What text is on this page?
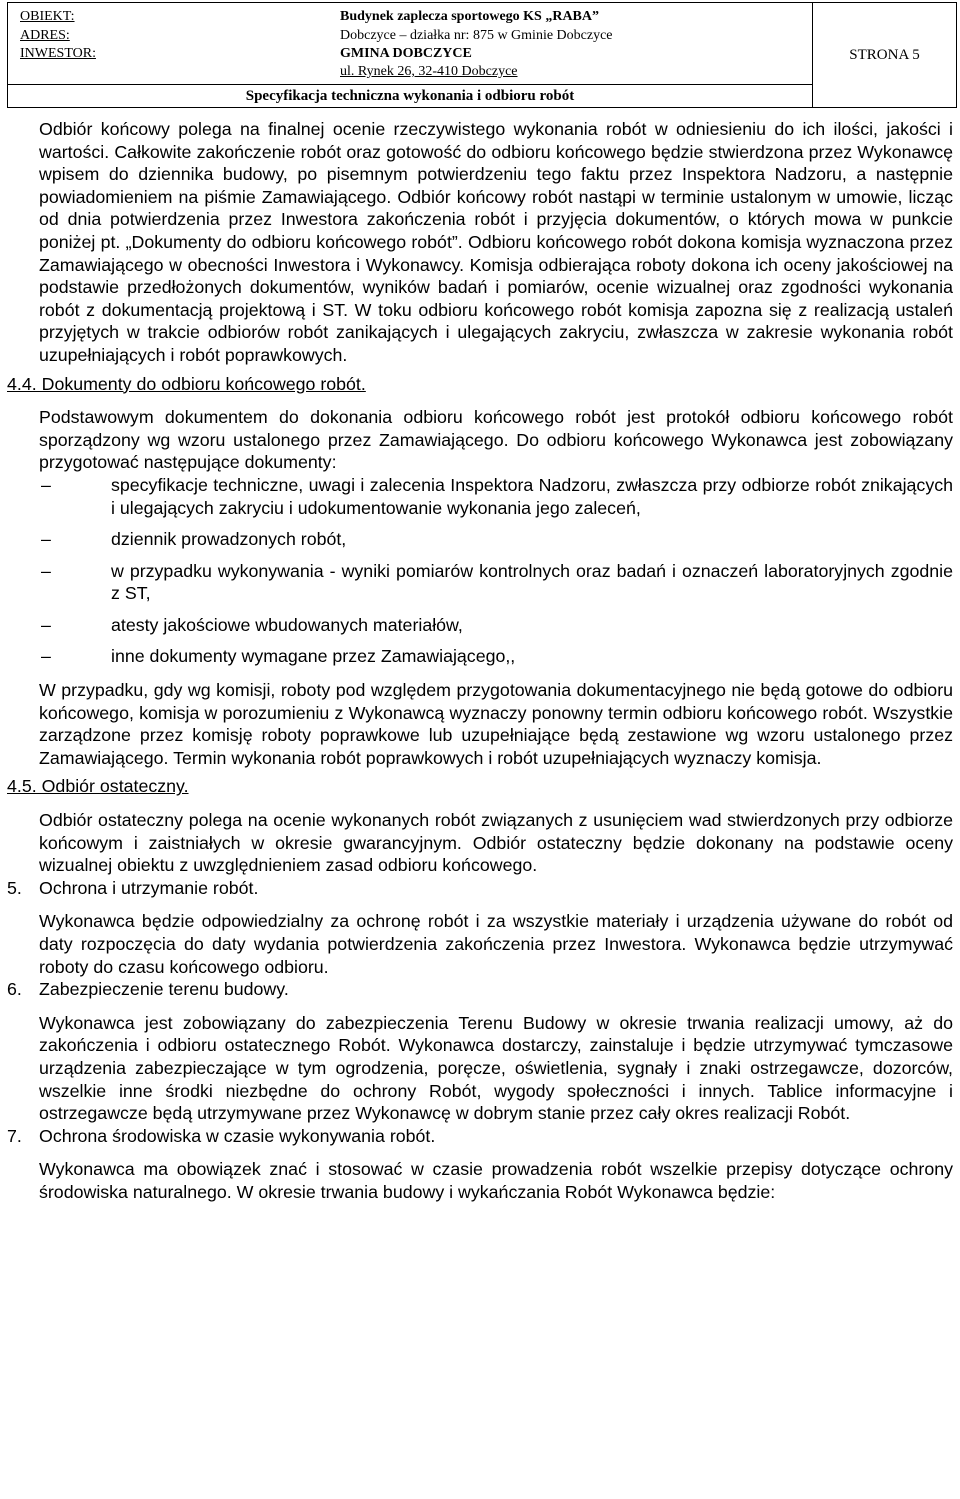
OBIEKT:	Budynek zaplecza sportowego KS „RABA”
ADRES:	Dobczyce – działka nr: 875 w Gminie Dobczyce
INWESTOR:	GMINA DOBCZYCE
ul. Rynek 26, 32-410 Dobczyce
Specyfikacja techniczna wykonania i odbioru robót
STRONA 5

Odbiór końcowy polega na finalnej ocenie rzeczywistego wykonania robót w odniesieniu do ich ilości, jakości i wartości. Całkowite zakończenie robót oraz gotowość do odbioru końcowego będzie stwierdzona przez Wykonawcę wpisem do dziennika budowy, po pisemnym potwierdzeniu tego faktu przez Inspektora Nadzoru, a następnie powiadomieniem na piśmie Zamawiającego. Odbiór końcowy robót nastąpi w terminie ustalonym w umowie, licząc od dnia potwierdzenia przez Inwestora zakończenia robót i przyjęcia dokumentów, o których mowa w punkcie poniżej pt. „Dokumenty do odbioru końcowego robót”. Odbioru końcowego robót dokona komisja wyznaczona przez Zamawiającego w obecności Inwestora i Wykonawcy. Komisja odbierająca roboty dokona ich oceny jakościowej na podstawie przedłożonych dokumentów, wyników badań i pomiarów, ocenie wizualnej oraz zgodności wykonania robót z dokumentacją projektową i ST. W toku odbioru końcowego robót komisja zapozna się z realizacją ustaleń przyjętych w trakcie odbiorów robót zanikających i ulegających zakryciu, zwłaszcza w zakresie wykonania robót uzupełniających i robót poprawkowych.

4.4. Dokumenty do odbioru końcowego robót.

Podstawowym dokumentem do dokonania odbioru końcowego robót jest protokół odbioru końcowego robót sporządzony wg wzoru ustalonego przez Zamawiającego. Do odbioru końcowego Wykonawca jest zobowiązany przygotować następujące dokumenty:

–	specyfikacje techniczne, uwagi i zalecenia Inspektora Nadzoru, zwłaszcza przy odbiorze robót znikających i ulegających zakryciu i udokumentowanie wykonania jego zaleceń,
–	dziennik prowadzonych robót,
–	w przypadku wykonywania - wyniki pomiarów kontrolnych oraz badań i oznaczeń laboratoryjnych zgodnie z ST,
–	atesty jakościowe wbudowanych materiałów,
–	inne dokumenty wymagane przez Zamawiającego,,

W przypadku, gdy wg komisji, roboty pod względem przygotowania dokumentacyjnego nie będą gotowe do odbioru końcowego, komisja w porozumieniu z Wykonawcą wyznaczy ponowny termin odbioru końcowego robót. Wszystkie zarządzone przez komisję roboty poprawkowe lub uzupełniające będą zestawione wg wzoru ustalonego przez Zamawiającego. Termin wykonania robót poprawkowych i robót uzupełniających wyznaczy komisja.

4.5. Odbiór ostateczny.

Odbiór ostateczny polega na ocenie wykonanych robót związanych z usunięciem wad stwierdzonych przy odbiorze końcowym i zaistniałych w okresie gwarancyjnym. Odbiór ostateczny będzie dokonany na podstawie oceny wizualnej obiektu z uwzględnieniem zasad odbioru końcowego.

5. Ochrona i utrzymanie robót.

Wykonawca będzie odpowiedzialny za ochronę robót i za wszystkie materiały i urządzenia używane do robót od daty rozpoczęcia do daty wydania potwierdzenia zakończenia przez Inwestora. Wykonawca będzie utrzymywać roboty do czasu końcowego odbioru.

6. Zabezpieczenie terenu budowy.

Wykonawca jest zobowiązany do zabezpieczenia Terenu Budowy w okresie trwania realizacji umowy, aż do zakończenia i odbioru ostatecznego Robót. Wykonawca dostarczy, zainstaluje i będzie utrzymywać tymczasowe urządzenia zabezpieczające w tym ogrodzenia, poręcze, oświetlenia, sygnały i znaki ostrzegawcze, dozorców, wszelkie inne środki niezbędne do ochrony Robót, wygody społeczności i innych. Tablice informacyjne i ostrzegawcze będą utrzymywane przez Wykonawcę w dobrym stanie przez cały okres realizacji Robót.

7. Ochrona środowiska w czasie wykonywania robót.

Wykonawca ma obowiązek znać i stosować w czasie prowadzenia robót wszelkie przepisy dotyczące ochrony środowiska naturalnego. W okresie trwania budowy i wykańczania Robót Wykonawca będzie:
